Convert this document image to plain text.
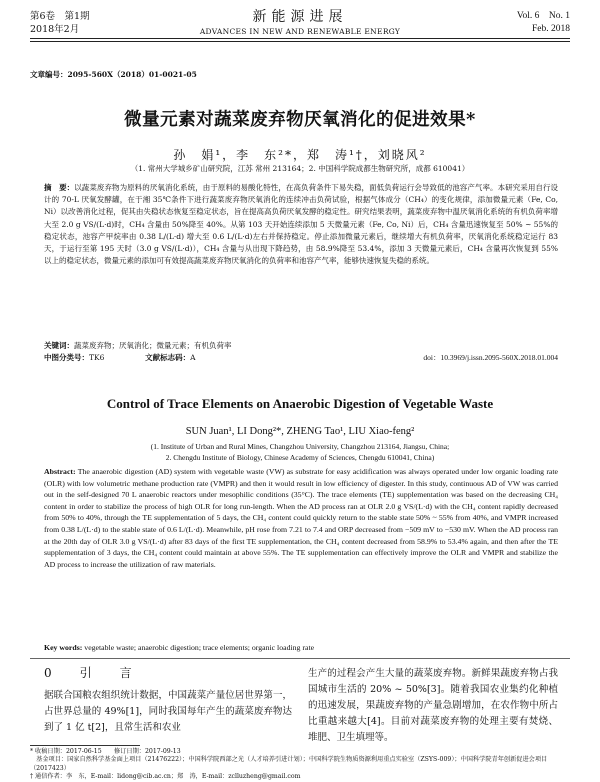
第6卷　第1期
2018年2月
新能源进展
ADVANCES IN NEW AND RENEWABLE ENERGY
Vol. 6　No. 1
Feb. 2018
文章编号：2095-560X（2018）01-0021-05
微量元素对蔬菜废弃物厌氧消化的促进效果*
孙　娟¹，李　东²*，郑　涛¹†，刘晓风²
（1. 常州大学城乡矿山研究院，江苏 常州 213164；2. 中国科学院成都生物研究所，成都 610041）
摘　要：以蔬菜废弃物为原料的厌氧消化系统，由于原料的易酸化特性，在高负荷条件下易失稳，面低负荷运行会导致低的池容产气率。本研究采用自行设计的 70-L 厌氧发酵罐，在于湘 35℃条件下进行蔬菜废弃物厌氧消化的连续冲击负荷试验，根据气体成分（CH₄）的变化规律，添加微量元素（Fe, Co, Ni）以改善消化过程，促其由失稳状态恢复至稳定状态，旨在提高高负荷厌氧发酵的稳定性。研究结果表明，蔬菜废弃物中温厌氧消化系统的有机负荷率增大至 2.0 g VS/(L·d)时，CH₄ 含量由 50%降至 40%。从第 103 天开始连续添加 5 天微量元素（Fe, Co, Ni）后，CH₄ 含量迅速恢复至 50% ~ 55%的稳定状态，池容产甲烷率由 0.38 L/(L·d) 增大至 0.6 L/(L·d)左右并保持稳定。停止添加微量元素后，继续增大有机负荷率，厌氧消化系统稳定运行 83 天，于运行至第 195 天时（3.0 g VS/(L·d)），CH₄ 含量与从出现下降趋势，由 58.9%降至 53.4%，添加 3 天微量元素后，CH₄ 含量再次恢复到 55%以上的稳定状态，微量元素的添加可有效提高蔬菜废弃物厌氧消化的负荷率和池容产气率，能够快速恢复失稳的系统。
关键词：蔬菜废弃物；厌氧消化；微量元素；有机负荷率
中图分类号：TK6	文献标志码：A	doi：10.3969/j.issn.2095-560X.2018.01.004
Control of Trace Elements on Anaerobic Digestion of Vegetable Waste
SUN Juan¹, LI Dong²*, ZHENG Tao¹, LIU Xiao-feng²
(1. Institute of Urban and Rural Mines, Changzhou University, Changzhou 213164, Jiangsu, China;
2. Chengdu Institute of Biology, Chinese Academy of Sciences, Chengdu 610041, China)
Abstract: The anaerobic digestion (AD) system with vegetable waste (VW) as substrate for easy acidification was always operated under low organic loading rate (OLR) with low volumetric methane production rate (VMPR) and then it would result in low efficiency of digester. In this study, continuous AD of VW was carried out in the self-designed 70 L anaerobic reactors under mesophilic conditions (35°C). The trace elements (TE) supplementation was based on the decreasing CH₄ content in order to stabilize the process of high OLR for long run-length. When the AD process ran at OLR 2.0 g VS/(L·d) with the CH₄ content rapidly decreased from 50% to 40%, through the TE supplementation of 5 days, the CH₄ content could quickly return to the stable state 50% ~ 55% from 40%, and VMPR increased from 0.38 L/(L·d) to the stable state of 0.6 L/(L·d). Meanwhile, pH rose from 7.21 to 7.4 and ORP decreased from −509 mV to −530 mV. When the AD process ran at the 20th day of OLR 3.0 g VS/(L·d) after 83 days of the first TE supplementation, the CH₄ content decreased from 58.9% to 53.4% again, and then after the TE supplementation of 3 days, the CH₄ content could maintain at above 55%. The TE supplementation can effectively improve the OLR and VMPR and stabilize the AD process to increase the utilization of raw materials.
Key words: vegetable waste; anaerobic digestion; trace elements; organic loading rate
0　引　言
据联合国粮农组织统计数据，中国蔬菜产量位居世界第一，占世界总量的 49%[1]，同时我国每年产生的蔬菜废弃物达到了 1 亿 t[2]，且常生活和农业
生产的过程会产生大量的蔬菜废弃物。新鲜果蔬废弃物占我国城市生活的 20% ~ 50%[3]。随着我国农业集约化种植的迅速发展，果蔬废弃物的产量急剧增加，在农作物中所占比重越来越大[4]。目前对蔬菜废弃物的处理主要有焚烧、堆肥、卫生填埋等。
* 收稿日期：2017-06-15　　修订日期：2017-09-13
　基金项目：国家自然科学基金面上项目（21476222）；中国科学院西部之光（人才培养引进计划）；中国科学院生物质资源利用重点实验室（ZSYS-009）；中国科学院青年创新促进会项目（2017423）
† 通信作者：李　东，E-mail：lidong@cib.ac.cn；郑　涛，E-mail：zclluzheng@gmail.com
